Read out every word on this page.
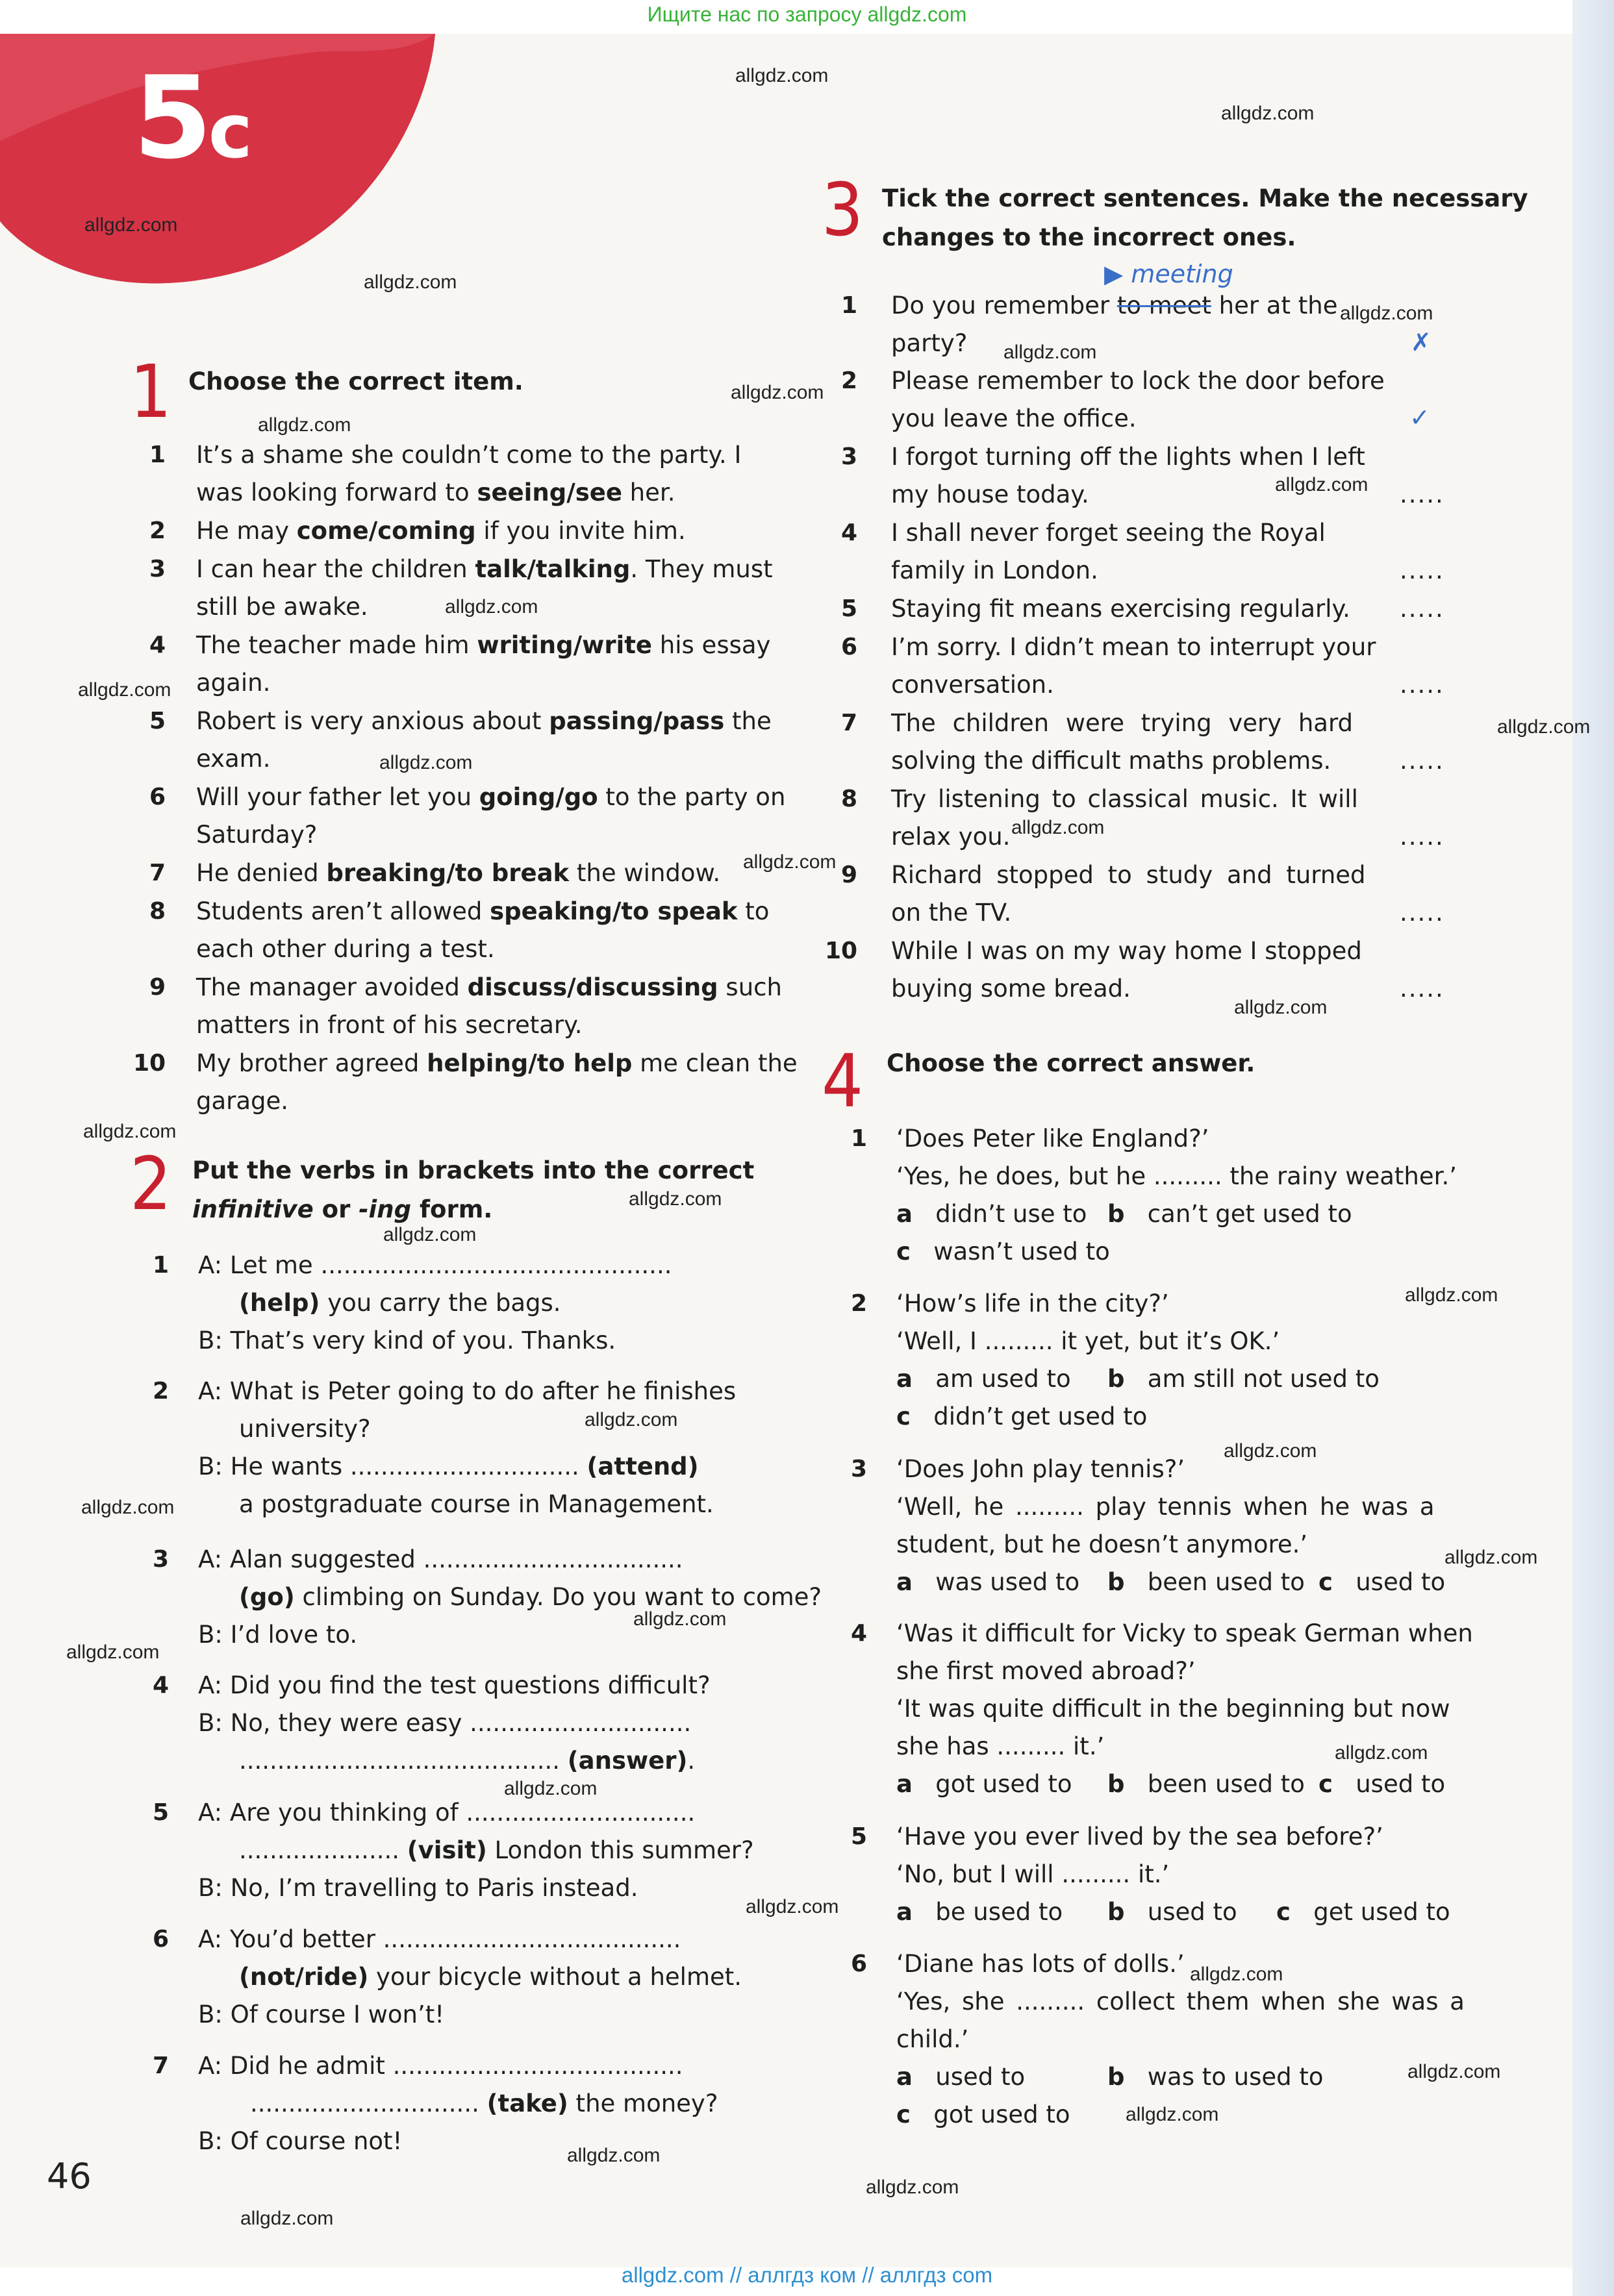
Ищите нас по запросу allgdz.com
5c
1 Choose the correct item.
1 It’s a shame she couldn’t come to the party. I
was looking forward to seeing/see her.
2 He may come/coming if you invite him.
3 I can hear the children talk/talking. They must
still be awake.
4 The teacher made him writing/write his essay
again.
5 Robert is very anxious about passing/pass the
exam.
6 Will your father let you going/go to the party on
Saturday?
7 He denied breaking/to break the window.
8 Students aren’t allowed speaking/to speak to
each other during a test.
9 The manager avoided discuss/discussing such
matters in front of his secretary.
10 My brother agreed helping/to help me clean the
garage.
2 Put the verbs in brackets into the correct
infinitive or -ing form.
1 A: Let me ..............................................
(help) you carry the bags.
B: That’s very kind of you. Thanks.
2 A: What is Peter going to do after he finishes
university?
B: He wants .............................. (attend)
a postgraduate course in Management.
3 A: Alan suggested ..................................
(go) climbing on Sunday. Do you want to come?
B: I’d love to.
4 A: Did you find the test questions difficult?
B: No, they were easy .............................
.......................................... (answer).
5 A: Are you thinking of ..............................
..................... (visit) London this summer?
B: No, I’m travelling to Paris instead.
6 A: You’d better .......................................
(not/ride) your bicycle without a helmet.
B: Of course I won’t!
7 A: Did he admit ......................................
.............................. (take) the money?
B: Of course not!
3 Tick the correct sentences. Make the necessary
changes to the incorrect ones.
▶ meeting
1 Do you remember to meet her at the
party?	✗
2 Please remember to lock the door before
you leave the office.	✓
3 I forgot turning off the lights when I left
my house today.	.....
4 I shall never forget seeing the Royal
family in London.	.....
5 Staying fit means exercising regularly. .....
6 I’m sorry. I didn’t mean to interrupt your
conversation.	.....
7 The children were trying very hard
solving the difficult maths problems.	.....
8 Try listening to classical music. It will
relax you.	.....
9 Richard stopped to study and turned
on the TV.	.....
10 While I was on my way home I stopped
buying some bread.	.....
4 Choose the correct answer.
1 ‘Does Peter like England?’
‘Yes, he does, but he ......... the rainy weather.’
a didn’t use to b can’t get used to
c wasn’t used to
2 ‘How’s life in the city?’
‘Well, I ......... it yet, but it’s OK.’
a am used to b am still not used to
c didn’t get used to
3 ‘Does John play tennis?’
‘Well, he ......... play tennis when he was a
student, but he doesn’t anymore.’
a was used to b been used to c used to
4 ‘Was it difficult for Vicky to speak German when
she first moved abroad?’
‘It was quite difficult in the beginning but now
she has ......... it.’
a got used to b been used to c used to
5 ‘Have you ever lived by the sea before?’
‘No, but I will ......... it.’
a be used to b used to c get used to
6 ‘Diane has lots of dolls.’
‘Yes, she ......... collect them when she was a
child.’
a used to	b was to used to
c got used to
46
allgdz.com
allgdz.com
allgdz.com
allgdz.com
allgdz.com
allgdz.com
allgdz.com
allgdz.com
allgdz.com
allgdz.com
allgdz.com
allgdz.com
allgdz.com
allgdz.com
allgdz.com
allgdz.com
allgdz.com
allgdz.com
allgdz.com
allgdz.com
allgdz.com
allgdz.com
allgdz.com
allgdz.com
allgdz.com
allgdz.com
allgdz.com
allgdz.com
allgdz.com
allgdz.com
allgdz.com
allgdz.com
allgdz.com
allgdz.com
allgdz.com
allgdz.com // аллгдз ком // аллгдз com
